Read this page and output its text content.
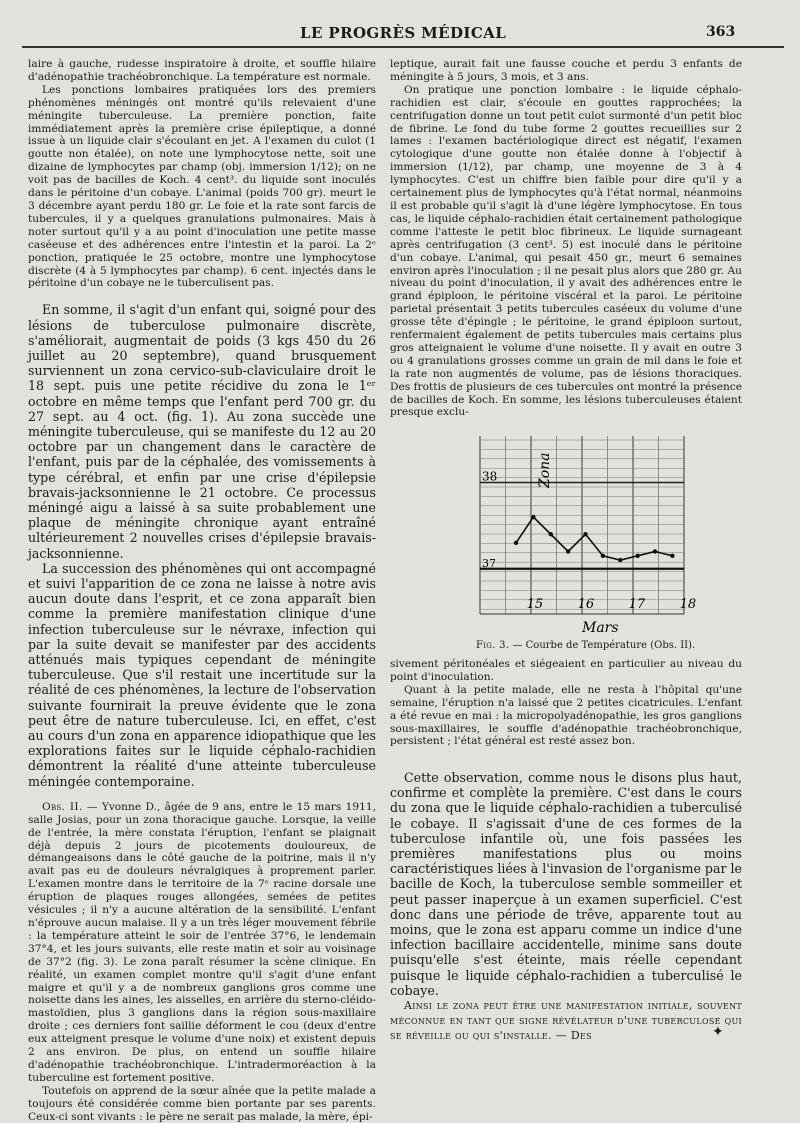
LE PROGRÈS MÉDICAL	363

laire à gauche, rudesse inspiratoire à droite, et souffle hilaire d'adénopathie trachéobronchique. La température est normale.

Les ponctions lombaires pratiquées lors des premiers phénomènes méningés ont montré qu'ils relevaient d'une méningite tuberculeuse. La première ponction, faite immédiatement après la première crise épileptique, a donné issue à un liquide clair s'écoulant en jet. A l'examen du culot (1 goutte non étalée), on note une lymphocytose nette, soit une dizaine de lymphocytes par champ (obj. immersion 1/12); on ne voit pas de bacilles de Koch. 4 cent³. du liquide sont inoculés dans le péritoine d'un cobaye. L'animal (poids 700 gr). meurt le 3 décembre ayant perdu 180 gr. Le foie et la rate sont farcis de tubercules, il y a quelques granulations pulmonaires. Mais à noter surtout qu'il y a au point d'inoculation une petite masse caséeuse et des adhérences entre l'intestin et la paroi. La 2ᵉ ponction, pratiquée le 25 octobre, montre une lymphocytose discrète (4 à 5 lymphocytes par champ). 6 cent. injectés dans le péritoine d'un cobaye ne le tuberculisent pas.

En somme, il s'agit d'un enfant qui, soigné pour des lésions de tuberculose pulmonaire discrète, s'améliorait, augmentait de poids (3 kgs 450 du 26 juillet au 20 septembre), quand brusquement surviennent un zona cervico-sub-claviculaire droit le 18 sept. puis une petite récidive du zona le 1ᵉʳ octobre en même temps que l'enfant perd 700 gr. du 27 sept. au 4 oct. (fig. 1). Au zona succède une méningite tuberculeuse, qui se manifeste du 12 au 20 octobre par un changement dans le caractère de l'enfant, puis par de la céphalée, des vomissements à type cérébral, et enfin par une crise d'épilepsie bravais-jacksonnienne le 21 octobre. Ce processus méningé aigu a laissé à sa suite probablement une plaque de méningite chronique ayant entraîné ultérieurement 2 nouvelles crises d'épilepsie bravais-jacksonnienne.

La succession des phénomènes qui ont accompagné et suivi l'apparition de ce zona ne laisse à notre avis aucun doute dans l'esprit, et ce zona apparaît bien comme la première manifestation clinique d'une infection tuberculeuse sur le névraxe, infection qui par la suite devait se manifester par des accidents atténués mais typiques cependant de méningite tuberculeuse. Que s'il restait une incertitude sur la réalité de ces phénomènes, la lecture de l'observation suivante fournirait la preuve évidente que le zona peut être de nature tuberculeuse. Ici, en effet, c'est au cours d'un zona en apparence idiopathique que les explorations faites sur le liquide céphalo-rachidien démontrent la réalité d'une atteinte tuberculeuse méningée contemporaine.

Obs. II. — Yvonne D., âgée de 9 ans, entre le 15 mars 1911, salle Josias, pour un zona thoracique gauche. Lorsque, la veille de l'entrée, la mère constata l'éruption, l'enfant se plaignait déjà depuis 2 jours de picotements douloureux, de démangeaisons dans le côté gauche de la poitrine, mais il n'y avait pas eu de douleurs névralgiques à proprement parler. L'examen montre dans le territoire de la 7ᵉ racine dorsale une éruption de plaques rouges allongées, semées de petites vésicules ; il n'y a aucune altération de la sensibilité. L'enfant n'éprouve aucun malaise. Il y a un très léger mouvement fébrile : la température atteint le soir de l'entrée 37°6, le lendemain 37°4, et les jours suivants, elle reste matin et soir au voisinage de 37°2 (fig. 3). Le zona paraît résumer la scène clinique. En réalité, un examen complet montre qu'il s'agit d'une enfant maigre et qu'il y a de nombreux ganglions gros comme une noisette dans les aines, les aisselles, en arrière du sterno-cléido-mastoïdien, plus 3 ganglions dans la région sous-maxillaire droite ; ces derniers font saillie déforment le cou (deux d'entre eux atteignent presque le volume d'une noix) et existent depuis 2 ans environ. De plus, on entend un souffle hilaire d'adénopathie trachéobronchique. L'intradermoréaction à la tuberculine est fortement positive.

Toutefois on apprend de la sœur aînée que la petite malade a toujours été considérée comme bien portante par ses parents. Ceux-ci sont vivants : le père ne serait pas malade, la mère, épi-

leptique, aurait fait une fausse couche et perdu 3 enfants de méningite à 5 jours, 3 mois, et 3 ans.

On pratique une ponction lombaire : le liquide céphalo-rachidien est clair, s'écoule en gouttes rapprochées; la centrifugation donne un tout petit culot surmonté d'un petit bloc de fibrine. Le fond du tube forme 2 gouttes recueillies sur 2 lames : l'examen bactériologique direct est négatif, l'examen cytologique d'une goutte non étalée donne à l'objectif à immersion (1/12), par champ, une moyenne de 3 à 4 lymphocytes. C'est un chiffre bien faible pour dire qu'il y a certainement plus de lymphocytes qu'à l'état normal, néanmoins il est probable qu'il s'agit là d'une légère lymphocytose. En tous cas, le liquide céphalo-rachidien était certainement pathologique comme l'atteste le petit bloc fibrineux. Le liquide surnageant après centrifugation (3 cent³. 5) est inoculé dans le péritoine d'un cobaye. L'animal, qui pesait 450 gr., meurt 6 semaines environ après l'inoculation ; il ne pesait plus alors que 280 gr. Au niveau du point d'inoculation, il y avait des adhérences entre le grand épiploon, le péritoine viscéral et la paroi. Le péritoine parietal présentait 3 petits tubercules caséeux du volume d'une grosse tête d'épingle ; le péritoine, le grand épiploon surtout, renfermaient également de petits tubercules mais certains plus gros atteignaient le volume d'une noisette. Il y avait en outre 3 ou 4 granulations grosses comme un grain de mil dans le foie et la rate non augmentés de volume, pas de lésions thoraciques. Des frottis de plusieurs de ces tubercules ont montré la présence de bacilles de Koch. En somme, les lésions tuberculeuses étaient presque exclu-

38
37
Zona
15	16	17	18
Mars
Fig. 3. — Courbe de Température (Obs. II).

sivement péritonéales et siégeaient en particulier au niveau du point d'inoculation.

Quant à la petite malade, elle ne resta à l'hôpital qu'une semaine, l'éruption n'a laissé que 2 petites cicatricules. L'enfant a été revue en mai : la micropolyadénopathie, les gros ganglions sous-maxillaires, le souffle d'adénopathie trachéobronchique, persistent ; l'état général est resté assez bon.

Cette observation, comme nous le disons plus haut, confirme et complète la première. C'est dans le cours du zona que le liquide céphalo-rachidien a tuberculisé le cobaye. Il s'agissait d'une de ces formes de la tuberculose infantile où, une fois passées les premières manifestations plus ou moins caractéristiques liées à l'invasion de l'organisme par le bacille de Koch, la tuberculose semble sommeiller et peut passer inaperçue à un examen superficiel. C'est donc dans une période de trêve, apparente tout au moins, que le zona est apparu comme un indice d'une infection bacillaire accidentelle, minime sans doute puisqu'elle s'est éteinte, mais réelle cependant puisque le liquide céphalo-rachidien a tuberculisé le cobaye.

Ainsi le zona peut être une manifestation initiale, souvent méconnue en tant que signe révélateur d'une tuberculose qui se réveille ou qui s'installe. — Des	✦
